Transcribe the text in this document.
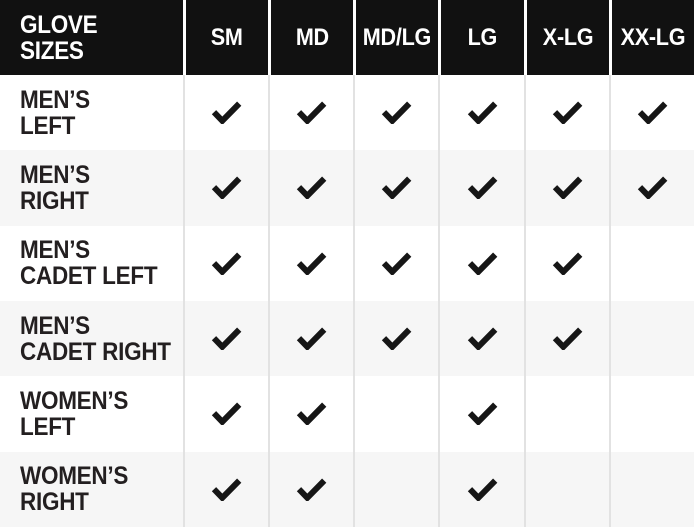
GLOVE
SIZES	SM MD MD/LG LG X-LG XX-LG
MEN’S
LEFT
MEN’S
RIGHT
MEN’S
CADET LEFT
MEN’S
CADET RIGHT
WOMEN’S
LEFT
WOMEN’S
RIGHT
